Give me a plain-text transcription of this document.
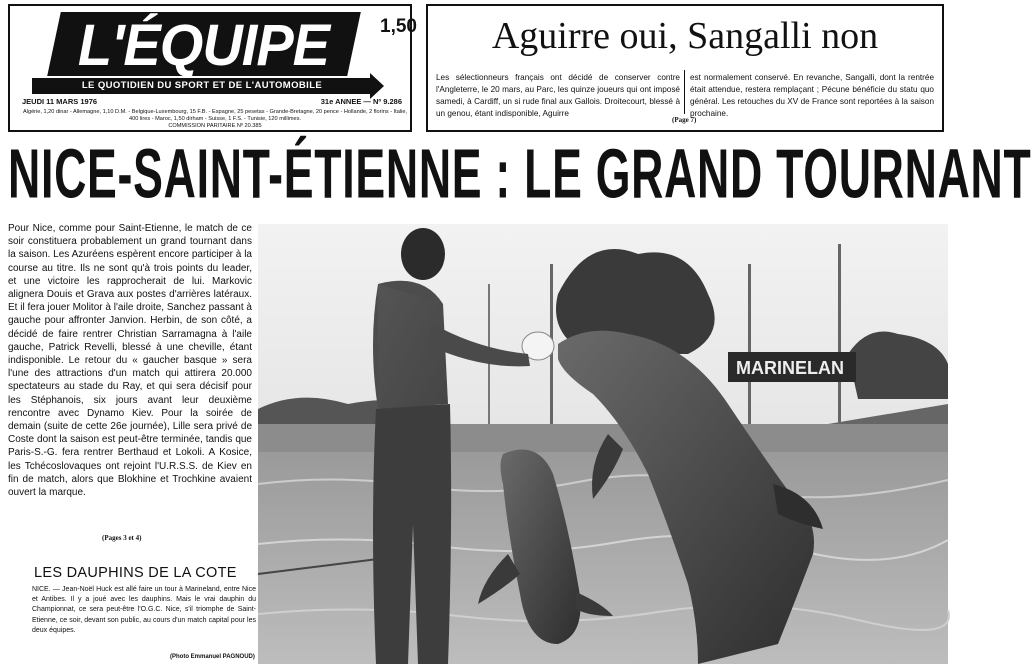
L'ÉQUIPE
LE QUOTIDIEN DU SPORT ET DE L'AUTOMOBILE
1,50
JEUDI 11 MARS 1976	31e ANNEE — Nº 9.286
Algérie, 1,20 dinar - Allemagne, 1,10 D.M. - Belgique-Luxembourg, 15 F.B. - Espagne, 25 pesetas - Grande-Bretagne, 20 pence - Hollande, 2 florins - Italie, 400 lires - Maroc, 1,50 dirham - Suisse, 1 F.S. - Tunisie, 120 millimes.
COMMISSION PARITAIRE Nº 20.385
Aguirre oui, Sangalli non
Les sélectionneurs français ont décidé de conserver contre l'Angleterre, le 20 mars, au Parc, les quinze joueurs qui ont imposé samedi, à Cardiff, un si rude final aux Gallois. Droitecourt, blessé à un genou, étant indisponible, Aguirre
est normalement conservé. En revanche, Sangalli, dont la rentrée était attendue, restera remplaçant ; Pécune bénéficie du statu quo général. Les retouches du XV de France sont reportées à la saison prochaine.
(Page 7)
NICE-SAINT-ÉTIENNE : LE GRAND TOURNANT
Pour Nice, comme pour Saint-Etienne, le match de ce soir constituera probablement un grand tournant dans la saison. Les Azuréens espèrent encore participer à la course au titre. Ils ne sont qu'à trois points du leader, et une victoire les rapprocherait de lui. Markovic alignera Douis et Grava aux postes d'arrières latéraux. Et il fera jouer Molitor à l'aile droite, Sanchez passant à gauche pour affronter Janvion. Herbin, de son côté, a décidé de faire rentrer Christian Sarramagna à l'aile gauche, Patrick Revelli, blessé à une cheville, étant indisponible. Le retour du « gaucher basque » sera l'une des attractions d'un match qui attirera 20.000 spectateurs au stade du Ray, et qui sera décisif pour les Stéphanois, six jours avant leur deuxième rencontre avec Dynamo Kiev. Pour la soirée de demain (suite de cette 26e journée), Lille sera privé de Coste dont la saison est peut-être terminée, tandis que Paris-S.-G. fera rentrer Berthaud et Lokoli. A Kosice, les Tchécoslovaques ont rejoint l'U.R.S.S. de Kiev en fin de match, alors que Blokhine et Trochkine avaient ouvert la marque.
(Pages 3 et 4)
LES DAUPHINS DE LA COTE
NICE. — Jean-Noël Huck est allé faire un tour à Marineland, entre Nice et Antibes. Il y a joué avec les dauphins. Mais le vrai dauphin du Championnat, ce sera peut-être l'O.G.C. Nice, s'il triomphe de Saint-Etienne, ce soir, devant son public, au cours d'un match capital pour les deux équipes.
(Photo Emmanuel PAGNOUD)
MARINELAN
